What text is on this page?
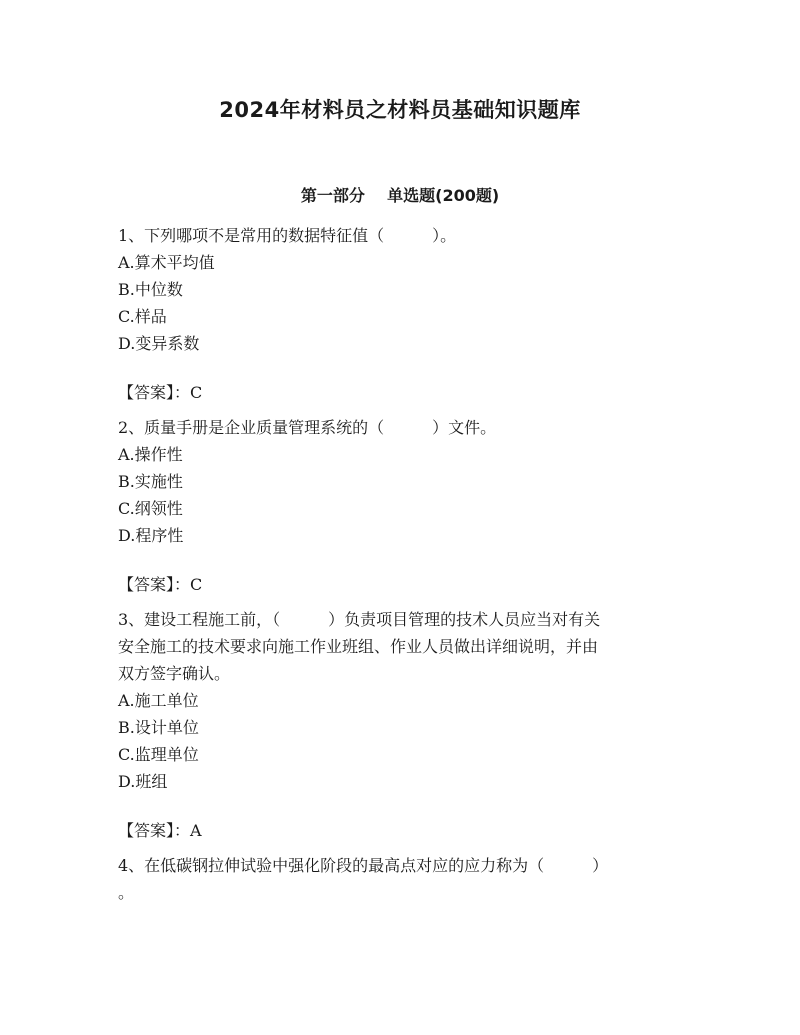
2024年材料员之材料员基础知识题库
第一部分    单选题(200题)

1、下列哪项不是常用的数据特征值（　　　）。

A.算术平均值

B.中位数

C.样品

D.变异系数

【答案】：C

2、质量手册是企业质量管理系统的（　　　）文件。

A.操作性

B.实施性

C.纲领性

D.程序性

【答案】：C

3、建设工程施工前，（　　　）负责项目管理的技术人员应当对有关

安全施工的技术要求向施工作业班组、作业人员做出详细说明，并由

双方签字确认。

A.施工单位

B.设计单位

C.监理单位

D.班组

【答案】：A

4、在低碳钢拉伸试验中强化阶段的最高点对应的应力称为（　　　）

。
